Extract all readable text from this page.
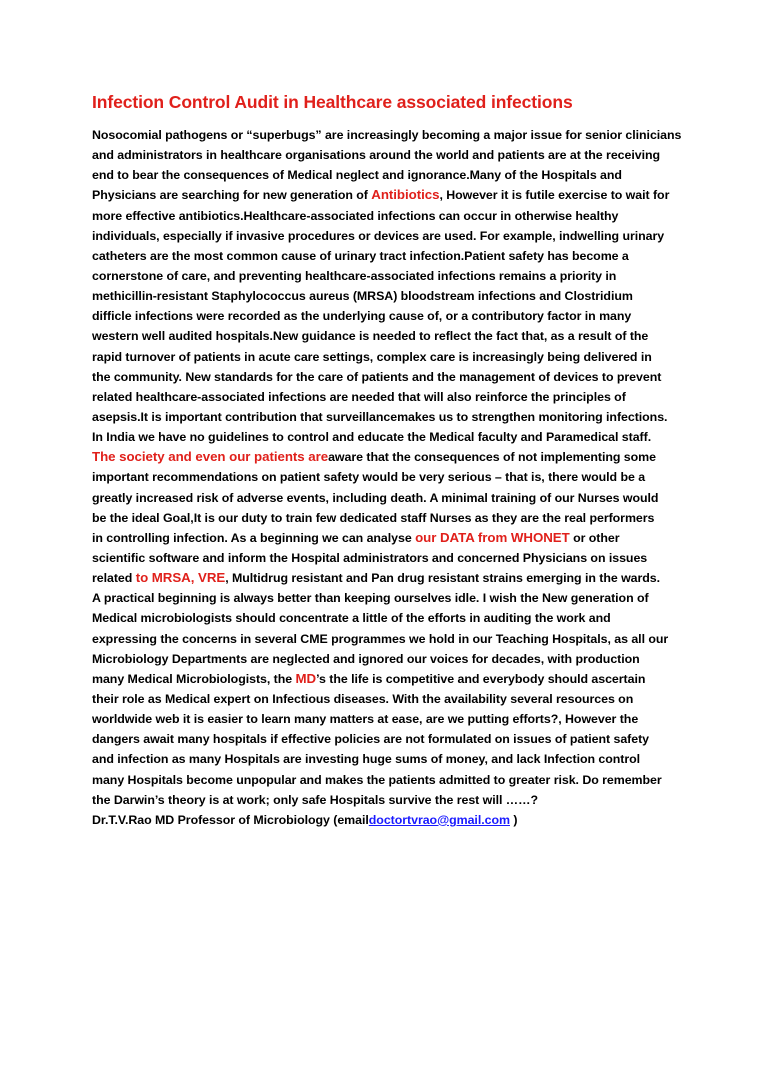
Infection Control Audit in Healthcare associated infections
Nosocomial pathogens or “superbugs” are increasingly becoming a major issue for senior clinicians
and administrators in healthcare organisations around the world and patients are at the receiving
end to bear the consequences of Medical neglect and ignorance.Many of the Hospitals and
Physicians are searching for new generation of Antibiotics, However it is futile exercise to wait for
more effective antibiotics.Healthcare-associated infections can occur in otherwise healthy
individuals, especially if invasive procedures or devices are used. For example, indwelling urinary
catheters are the most common cause of urinary tract infection.Patient safety has become a
cornerstone of care, and preventing healthcare-associated infections remains a priority in
methicillin-resistant Staphylococcus aureus (MRSA) bloodstream infections and Clostridium
difficle infections were recorded as the underlying cause of, or a contributory factor in many
western well audited hospitals.New guidance is needed to reflect the fact that, as a result of the
rapid turnover of patients in acute care settings, complex care is increasingly being delivered in
the community. New standards for the care of patients and the management of devices to prevent
related healthcare-associated infections are needed that will also reinforce the principles of
asepsis.It is important contribution that surveillancemakes us to strengthen monitoring infections.
In India we have no guidelines to control and educate the Medical faculty and Paramedical staff.
The society and even our patients areaware that the consequences of not implementing some
important recommendations on patient safety would be very serious – that is, there would be a
greatly increased risk of adverse events, including death. A minimal training of our Nurses would
be the ideal Goal,It is our duty to train few dedicated staff Nurses as they are the real performers
in controlling infection. As a beginning we can analyse our DATA from WHONET or other
scientific software and inform the Hospital administrators and concerned Physicians on issues
related to MRSA, VRE, Multidrug resistant and Pan drug resistant strains emerging in the wards.
A practical beginning is always better than keeping ourselves idle. I wish the New generation of
Medical microbiologists should concentrate a little of the efforts in auditing the work and
expressing the concerns in several CME programmes we hold in our Teaching Hospitals, as all our
Microbiology Departments are neglected and ignored our voices for decades, with production
many Medical Microbiologists, the MD’s the life is competitive and everybody should ascertain
their role as Medical expert on Infectious diseases. With the availability several resources on
worldwide web it is easier to learn many matters at ease, are we putting efforts?, However the
dangers await many hospitals if effective policies are not formulated on issues of patient safety
and infection as many Hospitals are investing huge sums of money, and lack Infection control
many Hospitals become unpopular and makes the patients admitted to greater risk. Do remember
the Darwin’s theory is at work; only safe Hospitals survive the rest will ……?
Dr.T.V.Rao MD Professor of Microbiology (emaildoctortvrao@gmail.com )
